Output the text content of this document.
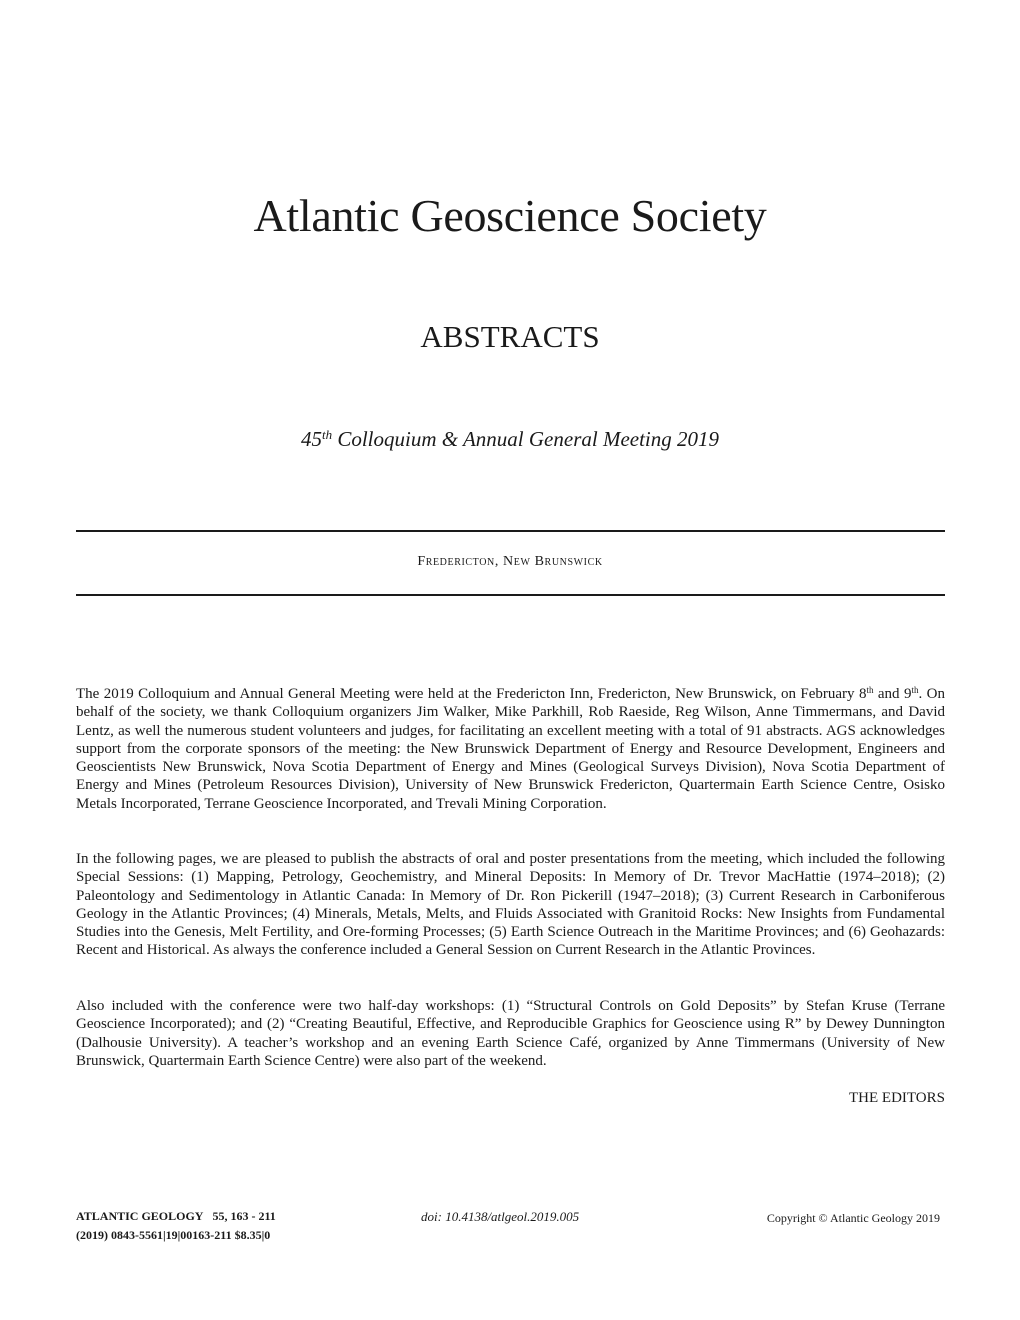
Atlantic Geoscience Society
ABSTRACTS
45th Colloquium & Annual General Meeting 2019
Fredericton, New Brunswick

The 2019 Colloquium and Annual General Meeting were held at the Fredericton Inn, Fredericton, New Brunswick, on February 8th and 9th. On behalf of the society, we thank Colloquium organizers Jim Walker, Mike Parkhill, Rob Raeside, Reg Wilson, Anne Timmermans, and David Lentz, as well the numerous student volunteers and judges, for facilitating an excellent meeting with a total of 91 abstracts. AGS acknowledges support from the corporate sponsors of the meeting: the New Brunswick Department of Energy and Resource Development, Engineers and Geoscientists New Brunswick, Nova Scotia Department of Energy and Mines (Geological Surveys Division), Nova Scotia Department of Energy and Mines (Petroleum Resources Division), University of New Brunswick Fredericton, Quartermain Earth Science Centre, Osisko Metals Incorporated, Terrane Geoscience Incorporated, and Trevali Mining Corporation.

In the following pages, we are pleased to publish the abstracts of oral and poster presentations from the meeting, which included the following Special Sessions: (1) Mapping, Petrology, Geochemistry, and Mineral Deposits: In Memory of Dr. Trevor MacHattie (1974–2018); (2) Paleontology and Sedimentology in Atlantic Canada: In Memory of Dr. Ron Pickerill (1947–2018); (3) Current Research in Carboniferous Geology in the Atlantic Provinces; (4) Minerals, Metals, Melts, and Fluids Associated with Granitoid Rocks: New Insights from Fundamental Studies into the Genesis, Melt Fertility, and Ore-forming Processes; (5) Earth Science Outreach in the Maritime Provinces; and (6) Geohazards: Recent and Historical. As always the conference included a General Session on Current Research in the Atlantic Provinces.

Also included with the conference were two half-day workshops: (1) “Structural Controls on Gold Deposits” by Stefan Kruse (Terrane Geoscience Incorporated); and (2) “Creating Beautiful, Effective, and Reproducible Graphics for Geoscience using R” by Dewey Dunnington (Dalhousie University). A teacher’s workshop and an evening Earth Science Café, organized by Anne Timmermans (University of New Brunswick, Quartermain Earth Science Centre) were also part of the weekend.

THE EDITORS
ATLANTIC GEOLOGY 55, 163 - 211
(2019) 0843-5561|19|00163-211 $8.35|0
doi: 10.4138/atlgeol.2019.005	Copyright © Atlantic Geology 2019
